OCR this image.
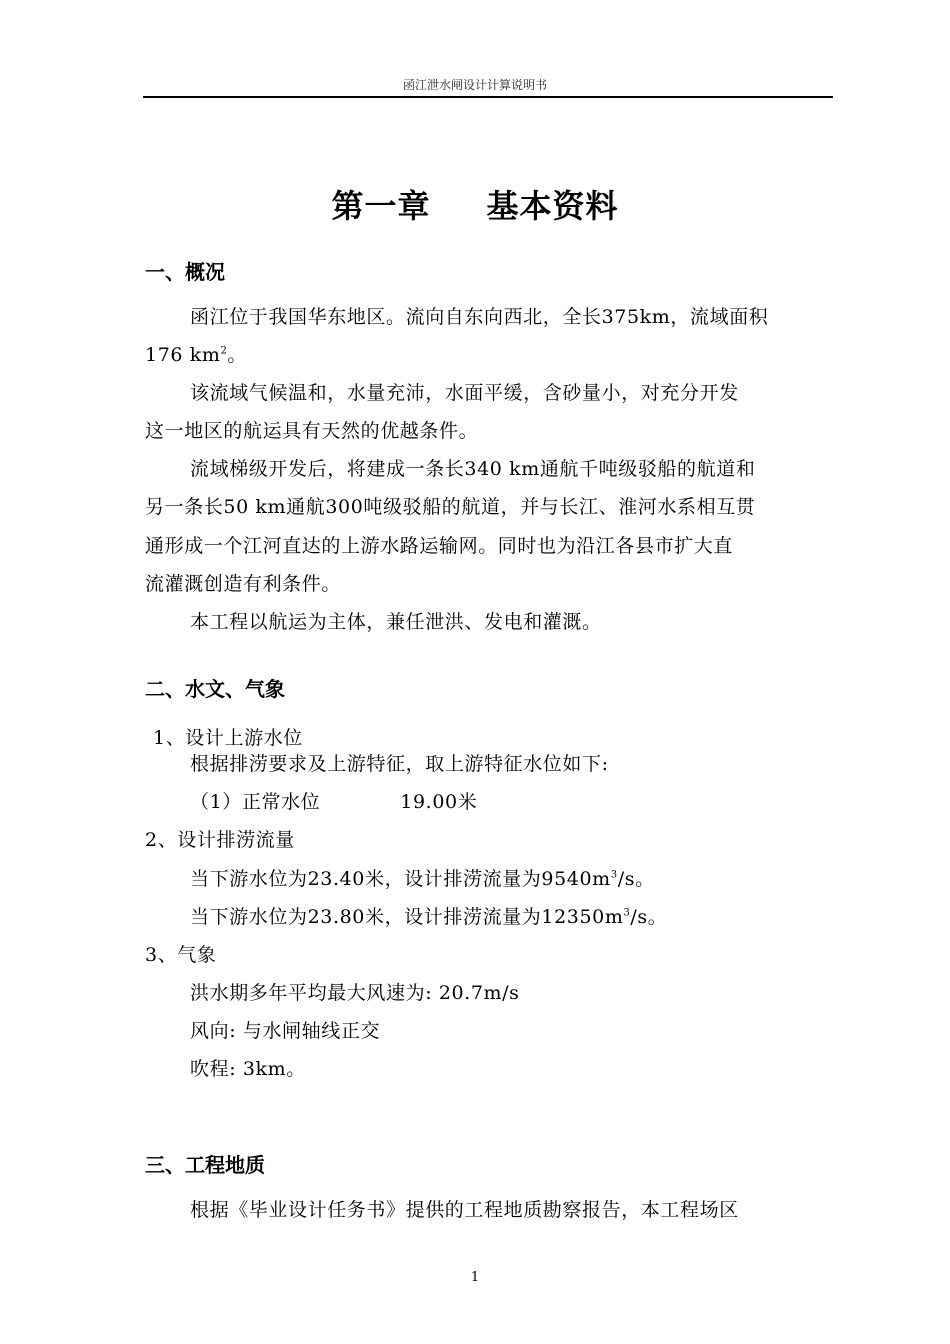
函江泄水闸设计计算说明书
第一章 基本资料
一、概况
函江位于我国华东地区。流向自东向西北，全长375km，流域面积
176 $km^2$。
该流域气候温和，水量充沛，水面平缓，含砂量小，对充分开发
这一地区的航运具有天然的优越条件。
流域梯级开发后，将建成一条长340 km通航千吨级驳船的航道和
另一条长50 km通航300吨级驳船的航道，并与长江、淮河水系相互贯
通形成一个江河直达的上游水路运输网。同时也为沿江各县市扩大直
流灌溉创造有利条件。
本工程以航运为主体，兼任泄洪、发电和灌溉。
二、水文、气象
1、设计上游水位
根据排涝要求及上游特征，取上游特征水位如下:
（1）正常水位	19.00米
2、设计排涝流量
当下游水位为23.40米，设计排涝流量为$9540m^3/s$。
当下游水位为23.80米，设计排涝流量为$12350m^3/s$。
3、气象
洪水期多年平均最大风速为: 20.7m/s
风向: 与水闸轴线正交
吹程: 3km。
三、工程地质
根据《毕业设计任务书》提供的工程地质勘察报告，本工程场区
1
